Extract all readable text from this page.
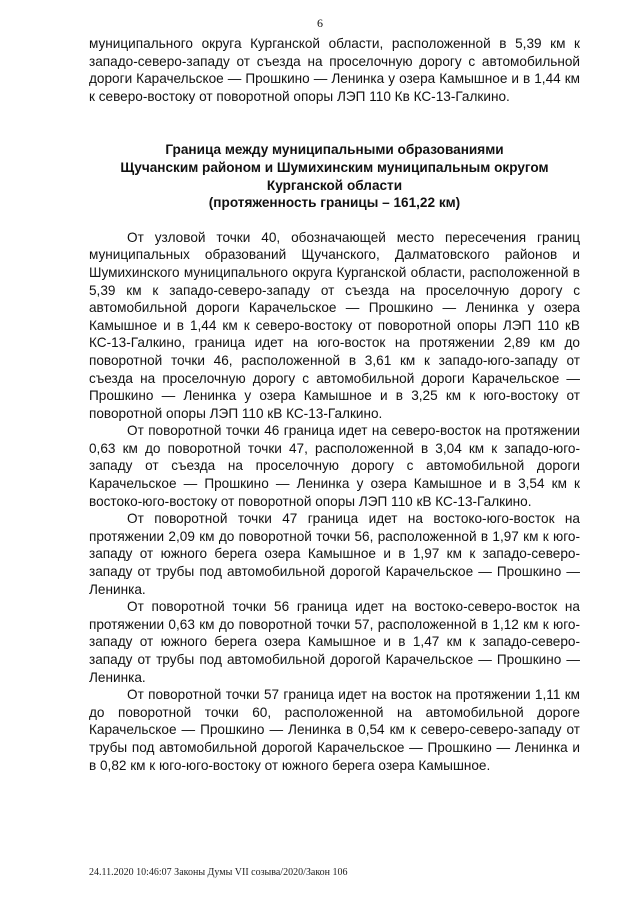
6

муниципального округа Курганской области, расположенной в 5,39 км к западо-северо-западу от съезда на проселочную дорогу с автомобильной дороги Карачельское — Прошкино — Ленинка у озера Камышное и в 1,44 км к северо-востоку от поворотной опоры ЛЭП 110 Кв КС-13-Галкино.

Граница между муниципальными образованиями
Щучанским районом и Шумихинским муниципальным округом
Курганской области
(протяженность границы – 161,22 км)

От узловой точки 40, обозначающей место пересечения границ муниципальных образований Щучанского, Далматовского районов и Шумихинского муниципального округа Курганской области, расположенной в 5,39 км к западо-северо-западу от съезда на проселочную дорогу с автомобильной дороги Карачельское — Прошкино — Ленинка у озера Камышное и в 1,44 км к северо-востоку от поворотной опоры ЛЭП 110 кВ КС-13-Галкино, граница идет на юго-восток на протяжении 2,89 км до поворотной точки 46, расположенной в 3,61 км к западо-юго-западу от съезда на проселочную дорогу с автомобильной дороги Карачельское — Прошкино — Ленинка у озера Камышное и в 3,25 км к юго-востоку от поворотной опоры ЛЭП 110 кВ КС-13-Галкино.

От поворотной точки 46 граница идет на северо-восток на протяжении 0,63 км до поворотной точки 47, расположенной в 3,04 км к западо-юго-западу от съезда на проселочную дорогу с автомобильной дороги Карачельское — Прошкино — Ленинка у озера Камышное и в 3,54 км к востоко-юго-востоку от поворотной опоры ЛЭП 110 кВ КС-13-Галкино.

От поворотной точки 47 граница идет на востоко-юго-восток на протяжении 2,09 км до поворотной точки 56, расположенной в 1,97 км к юго-западу от южного берега озера Камышное и в 1,97 км к западо-северо-западу от трубы под автомобильной дорогой Карачельское — Прошкино — Ленинка.

От поворотной точки 56 граница идет на востоко-северо-восток на протяжении 0,63 км до поворотной точки 57, расположенной в 1,12 км к юго-западу от южного берега озера Камышное и в 1,47 км к западо-северо-западу от трубы под автомобильной дорогой Карачельское — Прошкино — Ленинка.

От поворотной точки 57 граница идет на восток на протяжении 1,11 км до поворотной точки 60, расположенной на автомобильной дороге Карачельское — Прошкино — Ленинка в 0,54 км к северо-северо-западу от трубы под автомобильной дорогой Карачельское — Прошкино — Ленинка и в 0,82 км к юго-юго-востоку от южного берега озера Камышное.

24.11.2020 10:46:07 Законы Думы VII созыва/2020/Закон 106
